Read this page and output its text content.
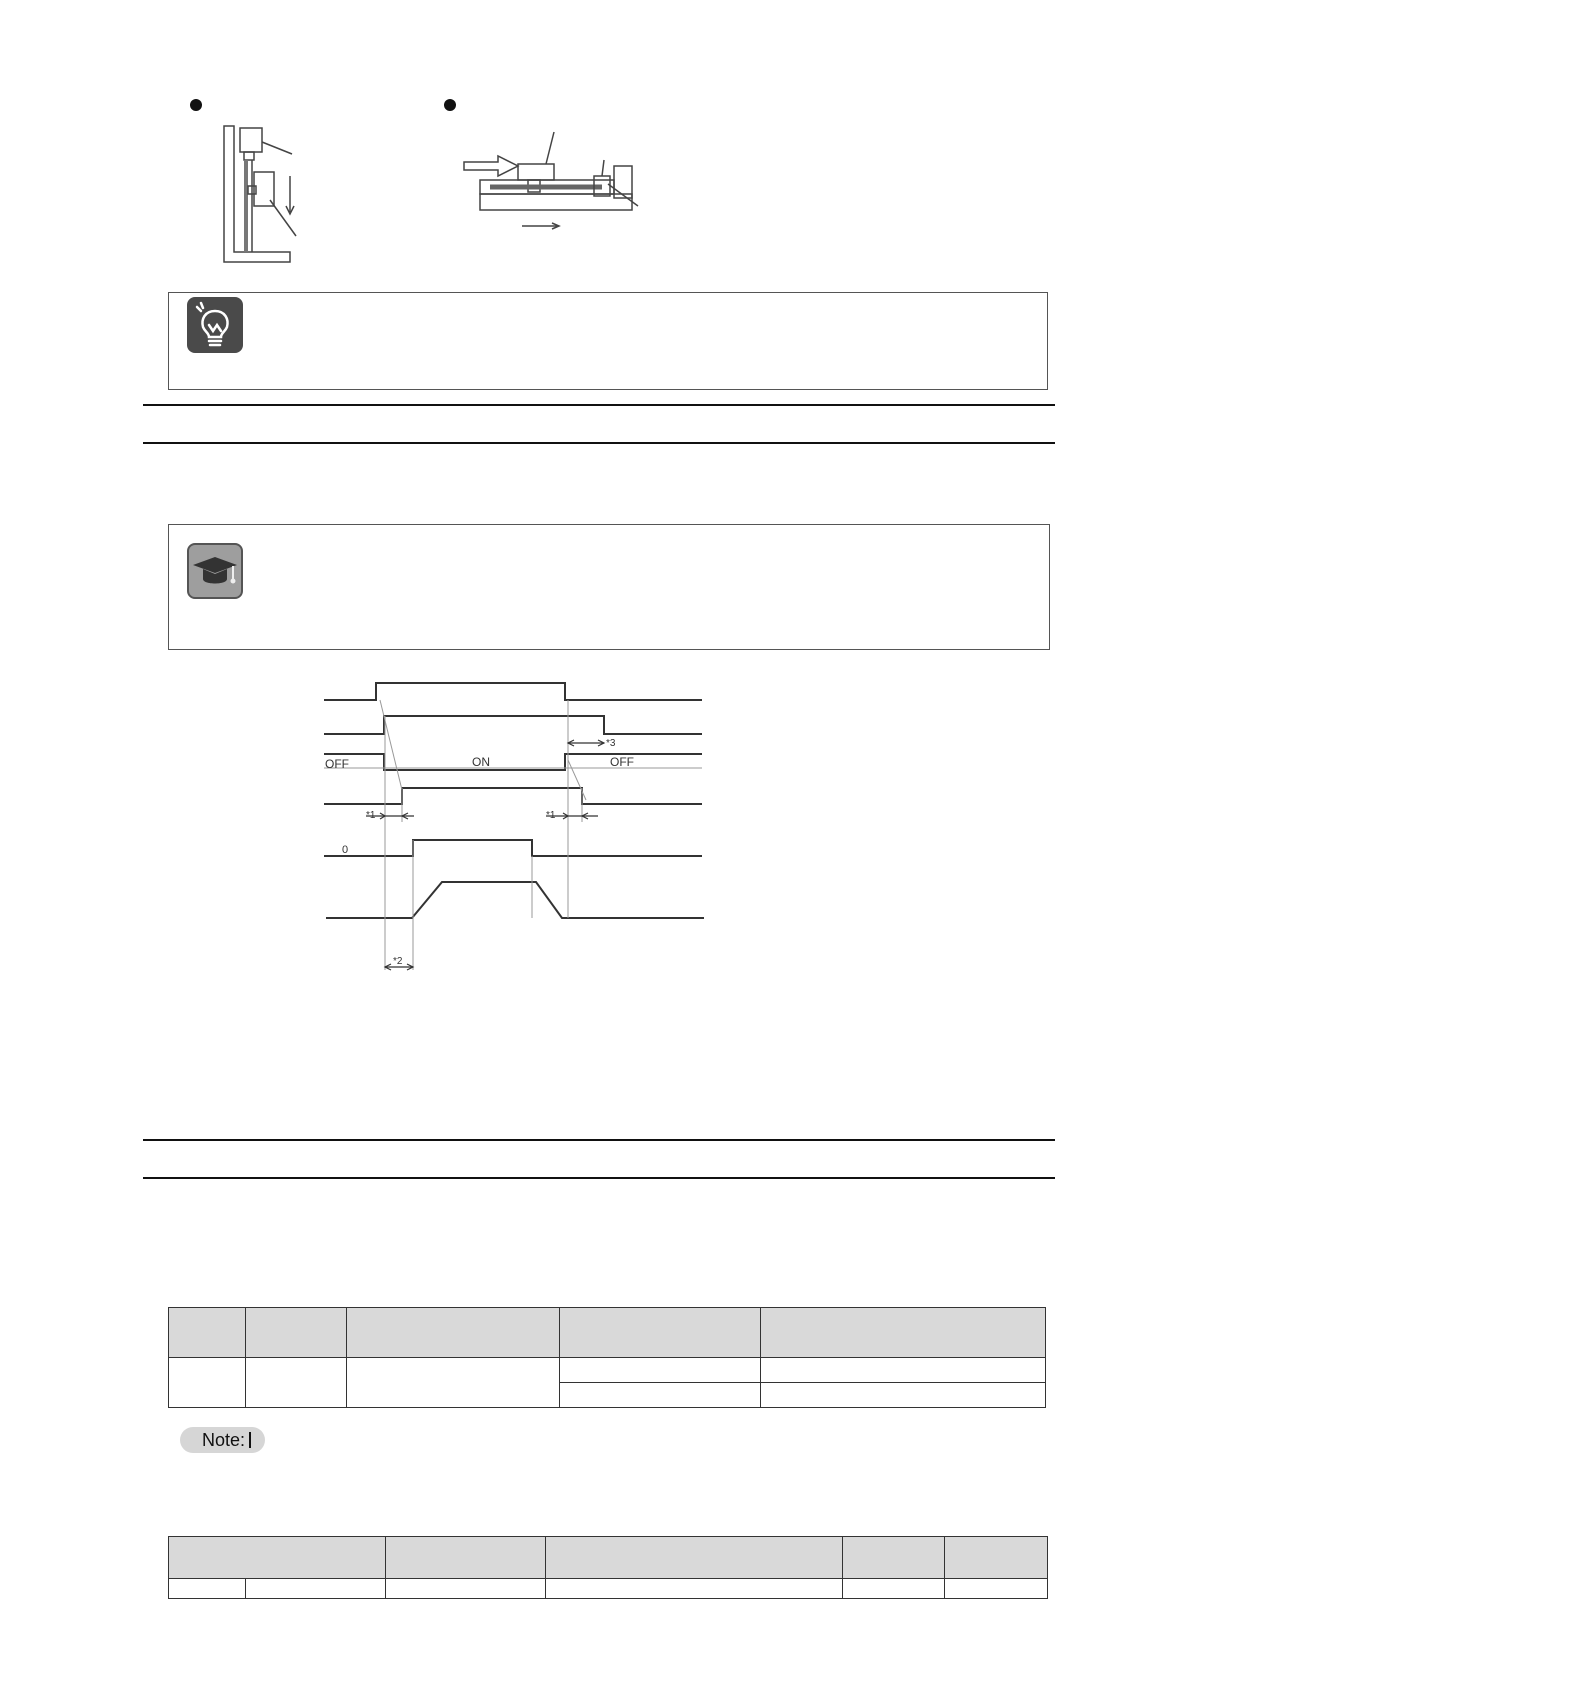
OFF	ON	OFF
0
*1	*1
*2
*3

Note:
